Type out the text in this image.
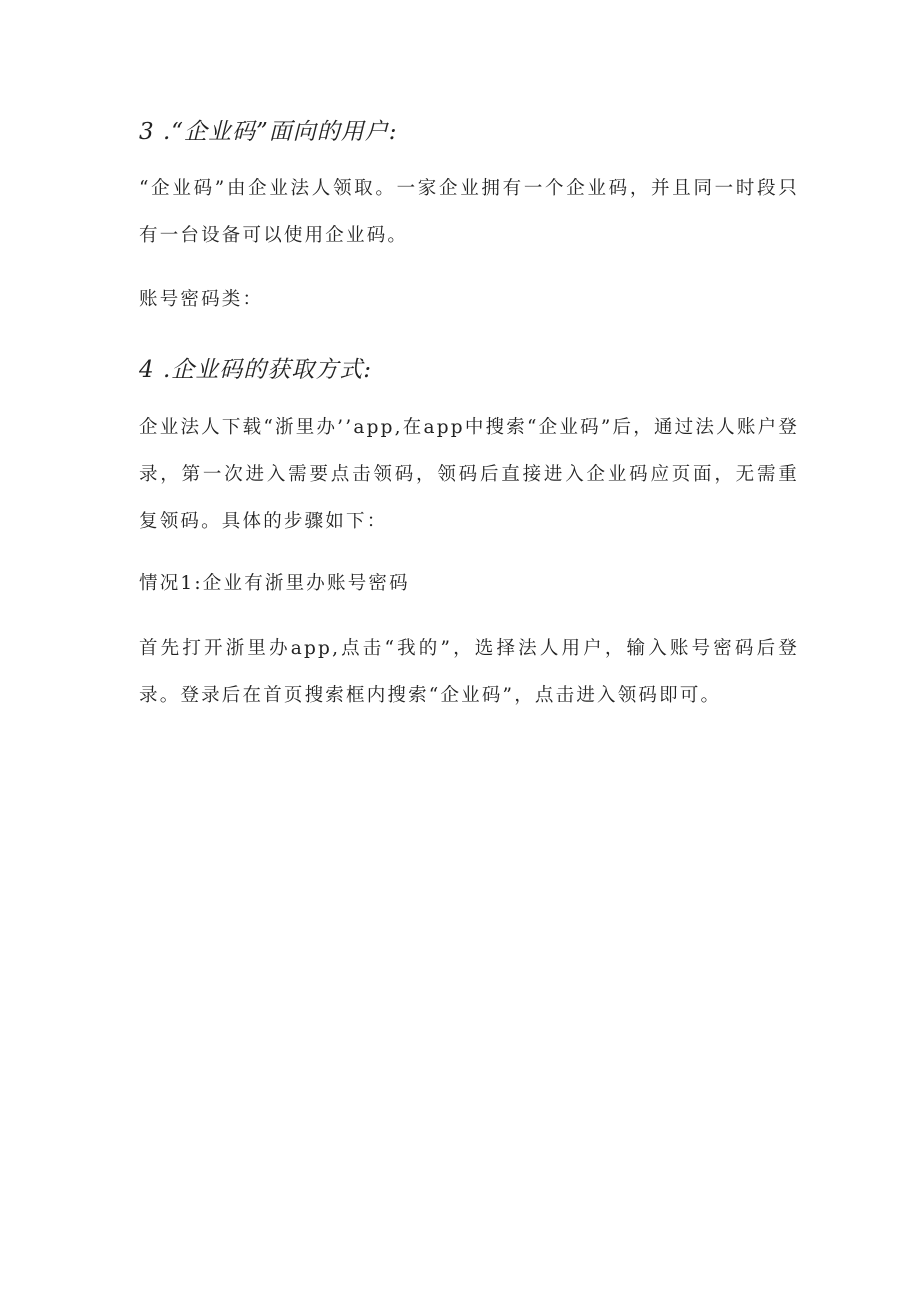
3 .“企业码”面向的用户:

“企业码”由企业法人领取。一家企业拥有一个企业码，并且同一时段只有一台设备可以使用企业码。

账号密码类：

4 .企业码的获取方式:

企业法人下载“浙里办’’app,在app中搜索“企业码”后，通过法人账户登录，第一次进入需要点击领码，领码后直接进入企业码应页面，无需重复领码。具体的步骤如下：

情况1:企业有浙里办账号密码

首先打开浙里办app,点击“我的”，选择法人用户，输入账号密码后登录。登录后在首页搜索框内搜索“企业码”，点击进入领码即可。
